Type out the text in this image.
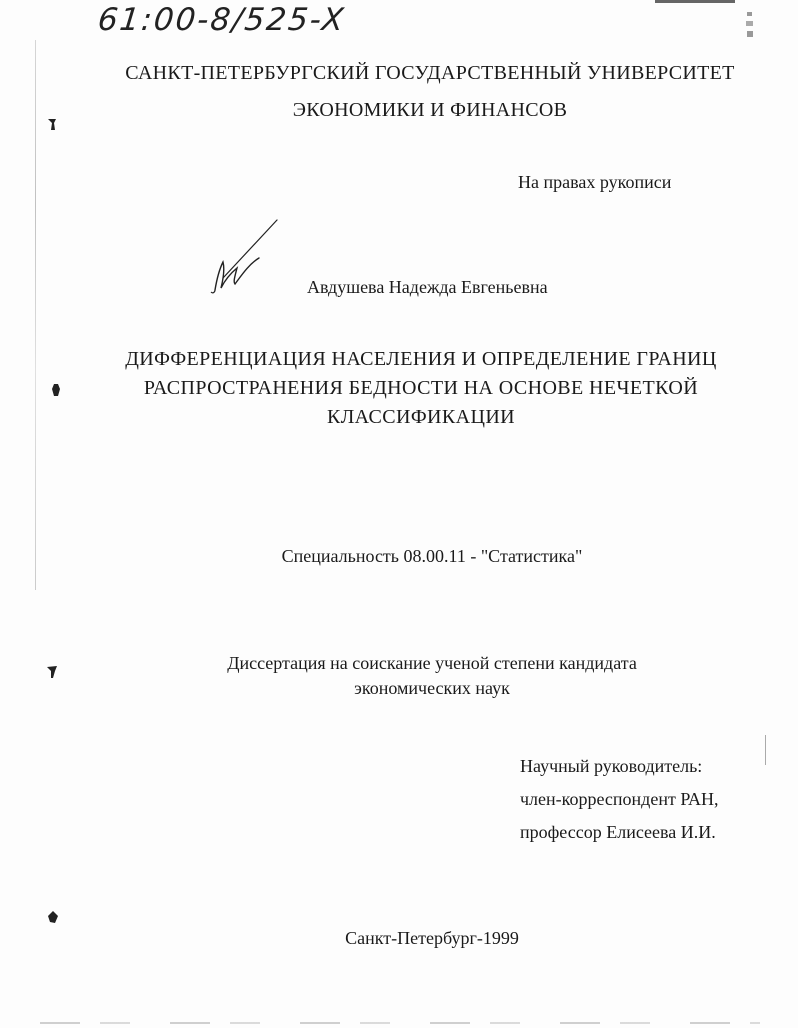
61:00-8/525-X
САНКТ-ПЕТЕРБУРГСКИЙ ГОСУДАРСТВЕННЫЙ УНИВЕРСИТЕТ
ЭКОНОМИКИ И ФИНАНСОВ
На правах рукописи
Авдушева Надежда Евгеньевна
ДИФФЕРЕНЦИАЦИЯ НАСЕЛЕНИЯ И ОПРЕДЕЛЕНИЕ ГРАНИЦ
РАСПРОСТРАНЕНИЯ БЕДНОСТИ НА ОСНОВЕ НЕЧЕТКОЙ
КЛАССИФИКАЦИИ
Специальность 08.00.11 - "Статистика"
Диссертация на соискание ученой степени кандидата
экономических наук
Научный руководитель:
член-корреспондент РАН,
профессор Елисеева И.И.
Санкт-Петербург-1999
